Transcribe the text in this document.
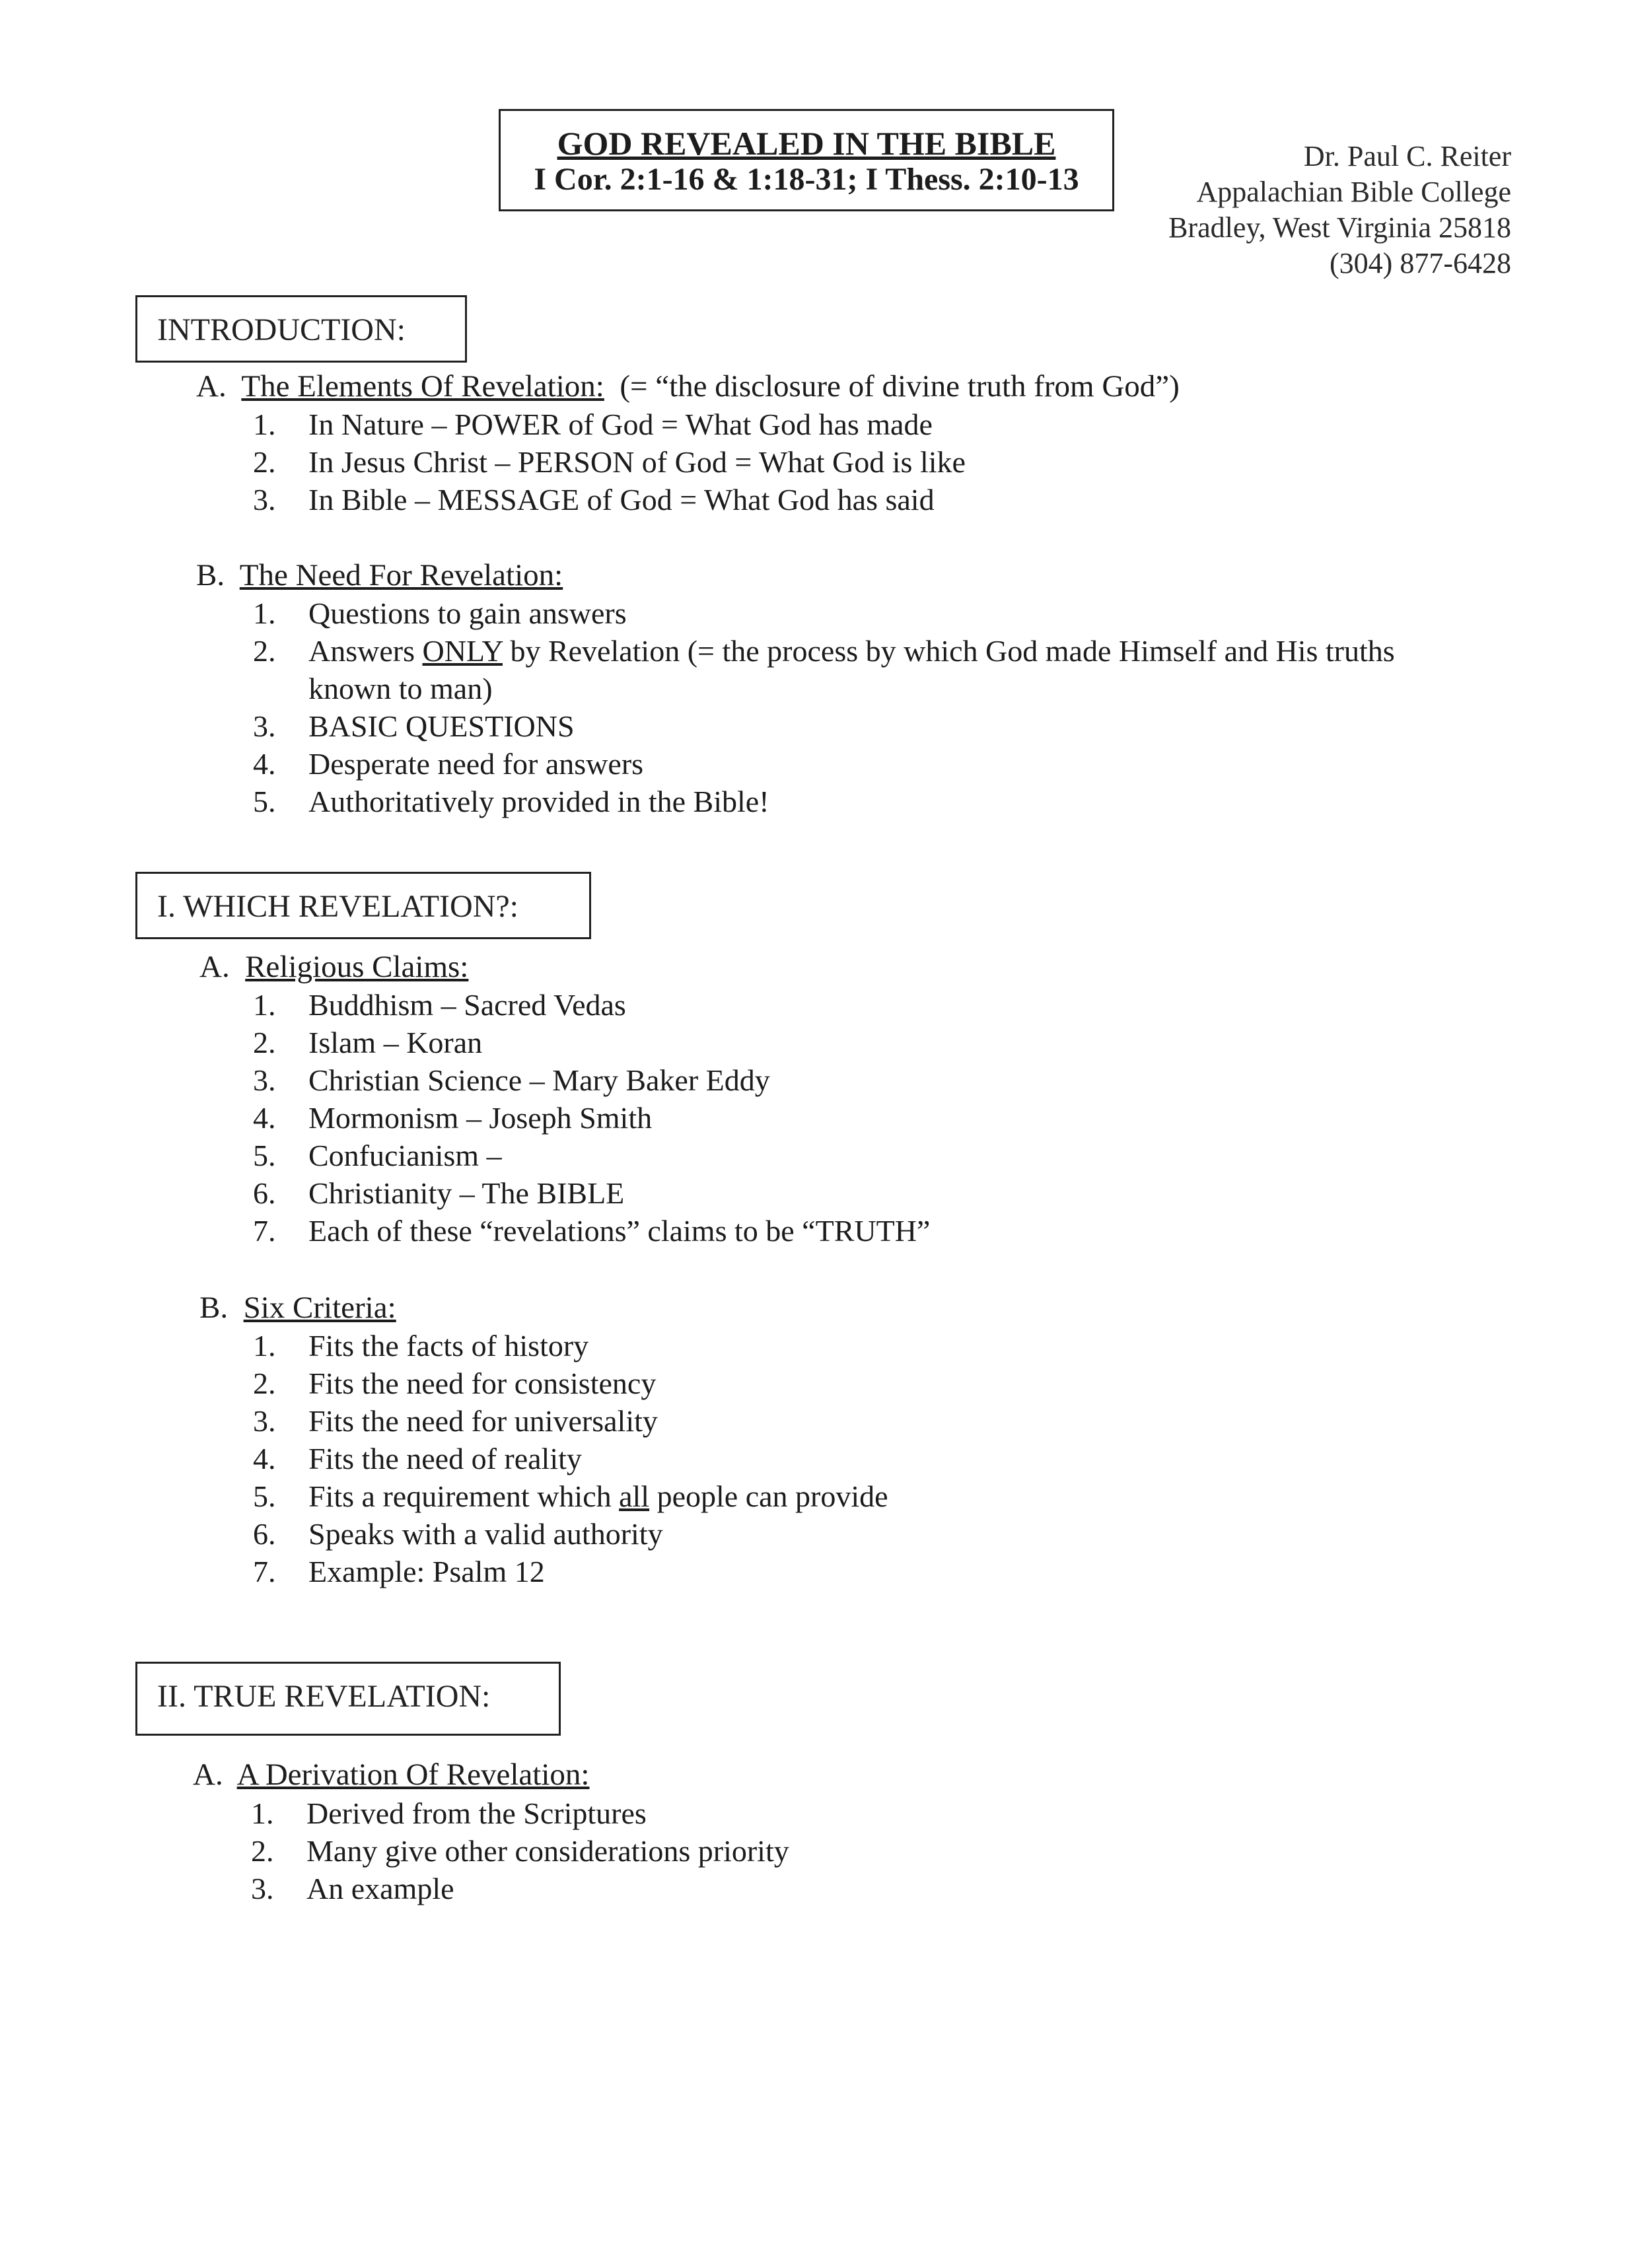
GOD REVEALED IN THE BIBLE
I Cor. 2:1-16 & 1:18-31; I Thess. 2:10-13
Dr. Paul C. Reiter
Appalachian Bible College
Bradley, West Virginia 25818
(304) 877-6428
INTRODUCTION:
A. The Elements Of Revelation: (= “the disclosure of divine truth from God”)
1. In Nature – POWER of God = What God has made
2. In Jesus Christ – PERSON of God = What God is like
3. In Bible – MESSAGE of God = What God has said
B. The Need For Revelation:
1. Questions to gain answers
2. Answers ONLY by Revelation (= the process by which God made Himself and His truths
known to man)
3. BASIC QUESTIONS
4. Desperate need for answers
5. Authoritatively provided in the Bible!
I. WHICH REVELATION?:
A. Religious Claims:
1. Buddhism – Sacred Vedas
2. Islam – Koran
3. Christian Science – Mary Baker Eddy
4. Mormonism – Joseph Smith
5. Confucianism –
6. Christianity – The BIBLE
7. Each of these “revelations” claims to be “TRUTH”
B. Six Criteria:
1. Fits the facts of history
2. Fits the need for consistency
3. Fits the need for universality
4. Fits the need of reality
5. Fits a requirement which all people can provide
6. Speaks with a valid authority
7. Example: Psalm 12
II. TRUE REVELATION:
A. A Derivation Of Revelation:
1. Derived from the Scriptures
2. Many give other considerations priority
3. An example
